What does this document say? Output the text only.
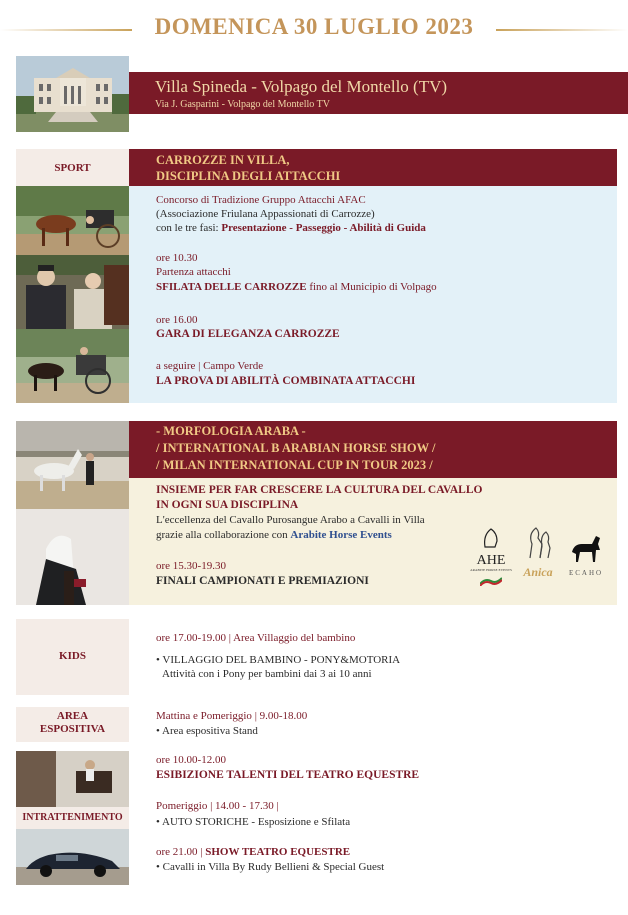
DOMENICA 30 LUGLIO 2023
Villa Spineda - Volpago del Montello (TV)
Via J. Gasparini - Volpago del Montello TV
SPORT
CARROZZE IN VILLA,
DISCIPLINA DEGLI ATTACCHI
Concorso di Tradizione Gruppo Attacchi AFAC
(Associazione Friulana Appassionati di Carrozze)
con le tre fasi: Presentazione - Passeggio - Abilità di Guida
ore 10.30
Partenza attacchi
SFILATA DELLE CARROZZE fino al Municipio di Volpago
ore 16.00
GARA DI ELEGANZA CARROZZE
a seguire | Campo Verde
LA PROVA DI ABILITÀ COMBINATA ATTACCHI
- MORFOLOGIA ARABA -
/ INTERNATIONAL B ARABIAN HORSE SHOW /
/ MILAN INTERNATIONAL CUP IN TOUR 2023 /
INSIEME PER FAR CRESCERE LA CULTURA DEL CAVALLO
IN OGNI SUA DISCIPLINA
L'eccellenza del Cavallo Purosangue Arabo a Cavalli in Villa
grazie alla collaborazione con Arabite Horse Events
ore 15.30-19.30
FINALI CAMPIONATI E PREMIAZIONI
AHE
ARABITE HORSE EVENTS Anica	ECAHO
KIDS
ore 17.00-19.00 | Area Villaggio del bambino
• VILLAGGIO DEL BAMBINO - PONY&MOTORIA
Attività con i Pony per bambini dai 3 ai 10 anni
AREA
ESPOSITIVA
Mattina e Pomeriggio | 9.00-18.00
• Area espositiva Stand
INTRATTENIMENTO
ore 10.00-12.00
ESIBIZIONE TALENTI DEL TEATRO EQUESTRE
Pomeriggio | 14.00 - 17.30 |
• AUTO STORICHE - Esposizione e Sfilata
ore 21.00 | SHOW TEATRO EQUESTRE
• Cavalli in Villa By Rudy Bellieni & Special Guest
